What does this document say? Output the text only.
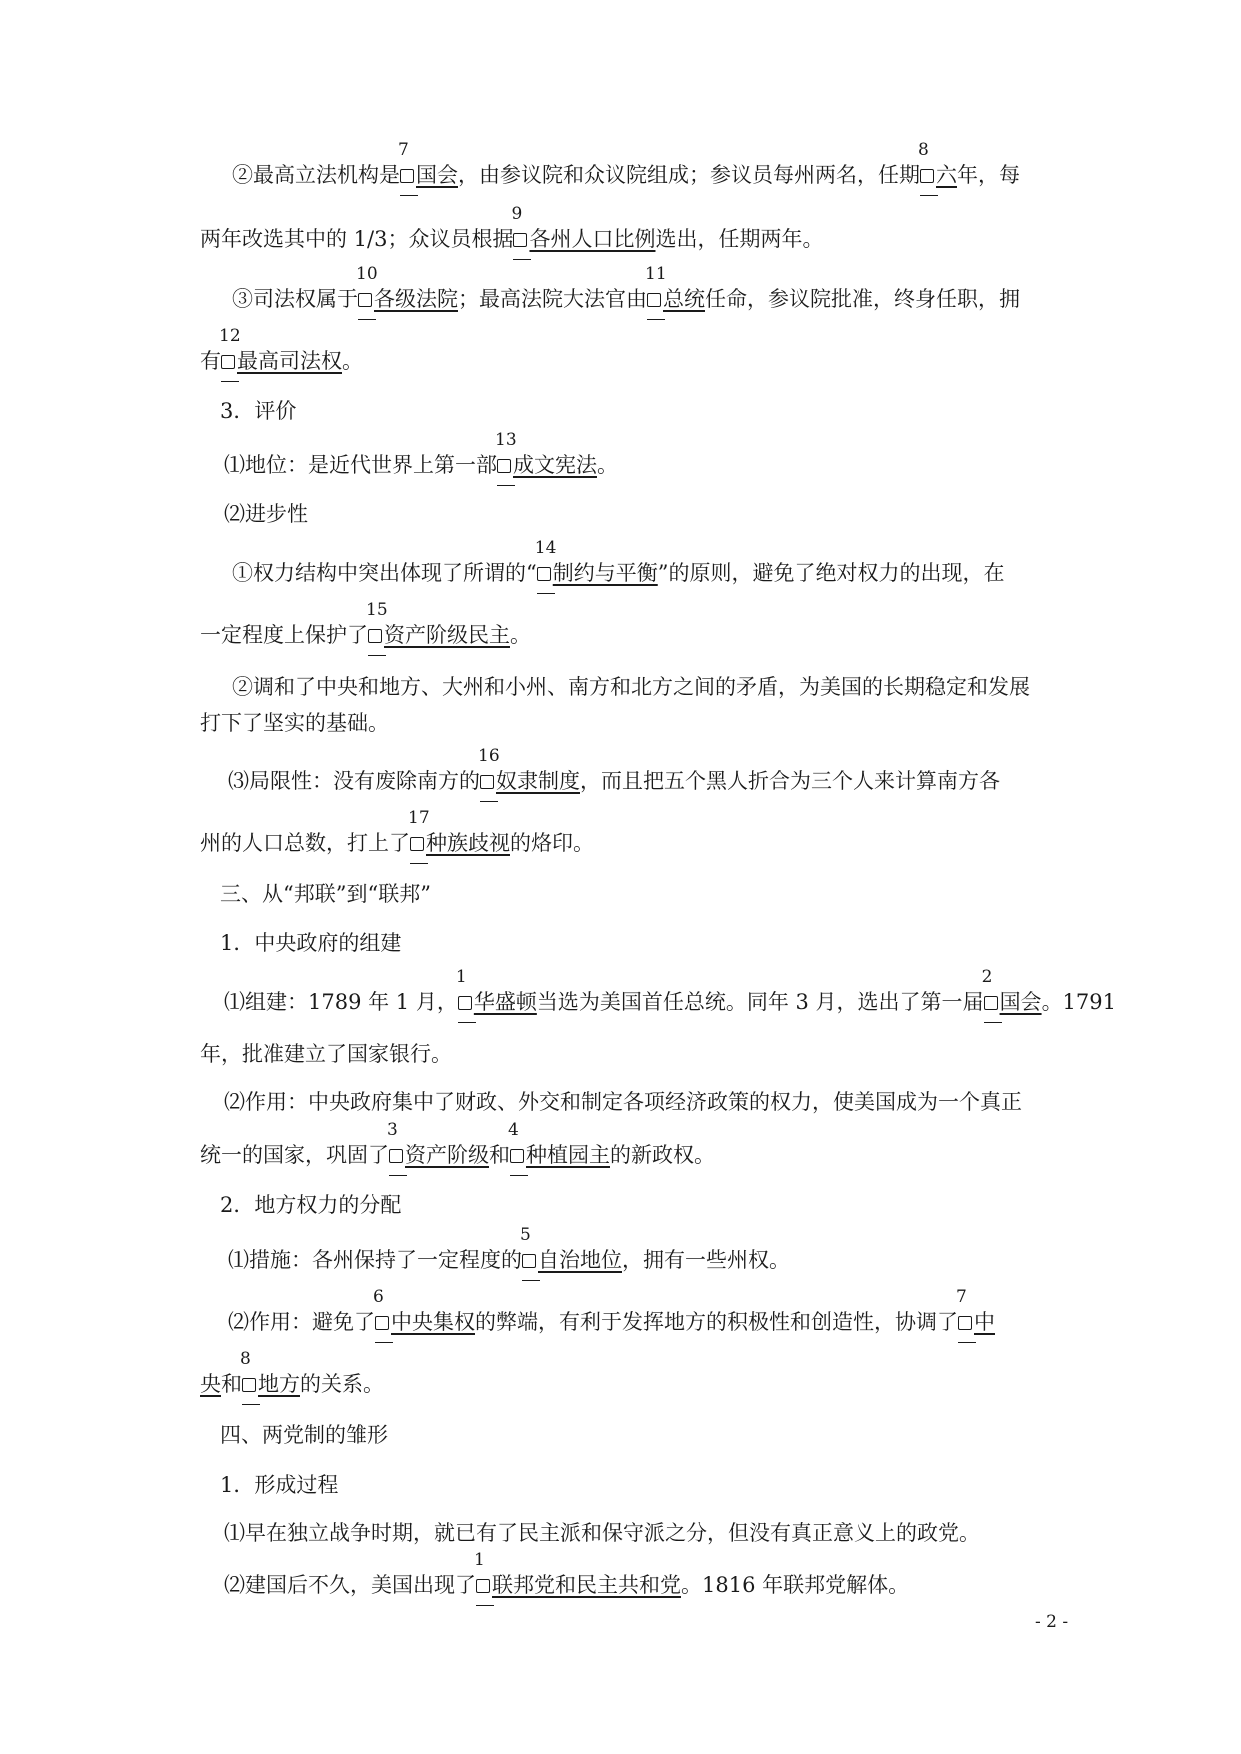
②最高立法机构是
7
国会
，由参议院和众议院组成；参议员每州两名，任期
8
六
年，每
两年改选其中的 1/3；众议员根据
9
各州人口比例
选出，任期两年。
③司法权属于
10
各级法院
；最高法院大法官由
11
总统
任命，参议院批准，终身任职，拥
有
12
最高司法权
。
3．评价
⑴地位：是近代世界上第一部
13
成文宪法
。
⑵进步性
①权力结构中突出体现了所谓的“
14
制约与平衡
”的原则，避免了绝对权力的出现，在
一定程度上保护了
15
资产阶级民主
。
②调和了中央和地方、大州和小州、南方和北方之间的矛盾，为美国的长期稳定和发展
打下了坚实的基础。
⑶局限性：没有废除南方的
16
奴隶制度
，而且把五个黑人折合为三个人来计算南方各
州的人口总数，打上了
17
种族歧视
的烙印。
三、从“邦联”到“联邦”
1．中央政府的组建
⑴组建：1789 年 1 月，
1
华盛顿
当选为美国首任总统。同年 3 月，选出了第一届
2
国会
。1791
年，批准建立了国家银行。
⑵作用：中央政府集中了财政、外交和制定各项经济政策的权力，使美国成为一个真正
统一的国家，巩固了
3
资产阶级
和
4
种植园主
的新政权。
2．地方权力的分配
⑴措施：各州保持了一定程度的
5
自治地位
，拥有一些州权。
⑵作用：避免了
6
中央集权
的弊端，有利于发挥地方的积极性和创造性，协调了
7
中
央和
8
地方
的关系。
四、两党制的雏形
1．形成过程
⑴早在独立战争时期，就已有了民主派和保守派之分，但没有真正意义上的政党。
⑵建国后不久，美国出现了
1
联邦党和民主共和党
。1816 年联邦党解体。
- 2 -
